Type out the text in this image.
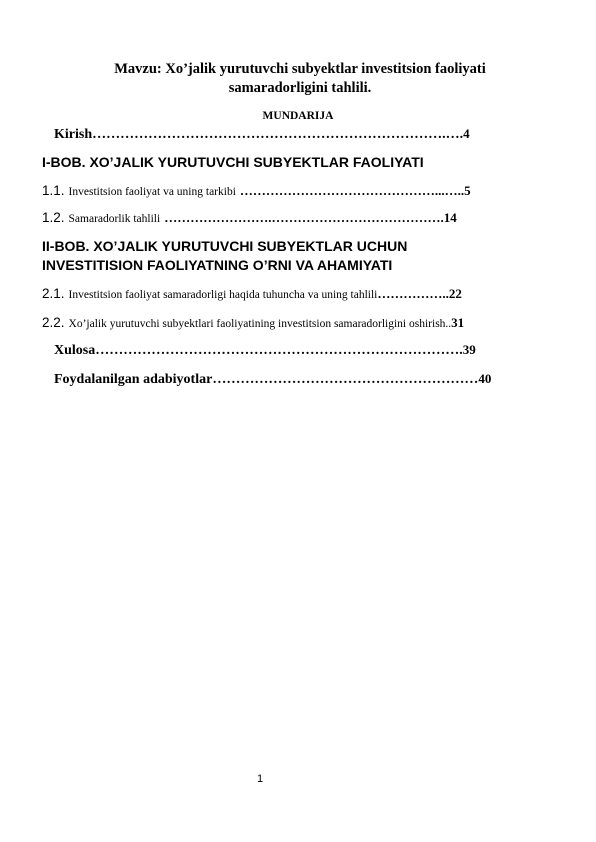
Mavzu: Xo’jalik yurutuvchi subyektlar investitsion faoliyati
samaradorligini tahlili.
MUNDARIJA
Kirish………………………………………………………………….….4
I-BOB. XO’JALIK YURUTUVCHI SUBYEKTLAR FAOLIYATI
1.1. Investitsion faoliyat va uning tarkibi ………………………………………...…..5
1.2. Samaradorlik tahlili …………………….………………………………….14
II-BOB. XO’JALIK YURUTUVCHI SUBYEKTLAR UCHUN
INVESTITISION FAOLIYATNING O’RNI VA AHAMIYATI
2.1. Investitsion faoliyat samaradorligi haqida tuhuncha va uning tahlili……………..22
2.2. Xo’jalik yurutuvchi subyektlari faoliyatining investitsion samaradorligini oshirish..31
Xulosa…………………………………………………………………….39
Foydalanilgan adabiyotlar…………………………………………………40
1
